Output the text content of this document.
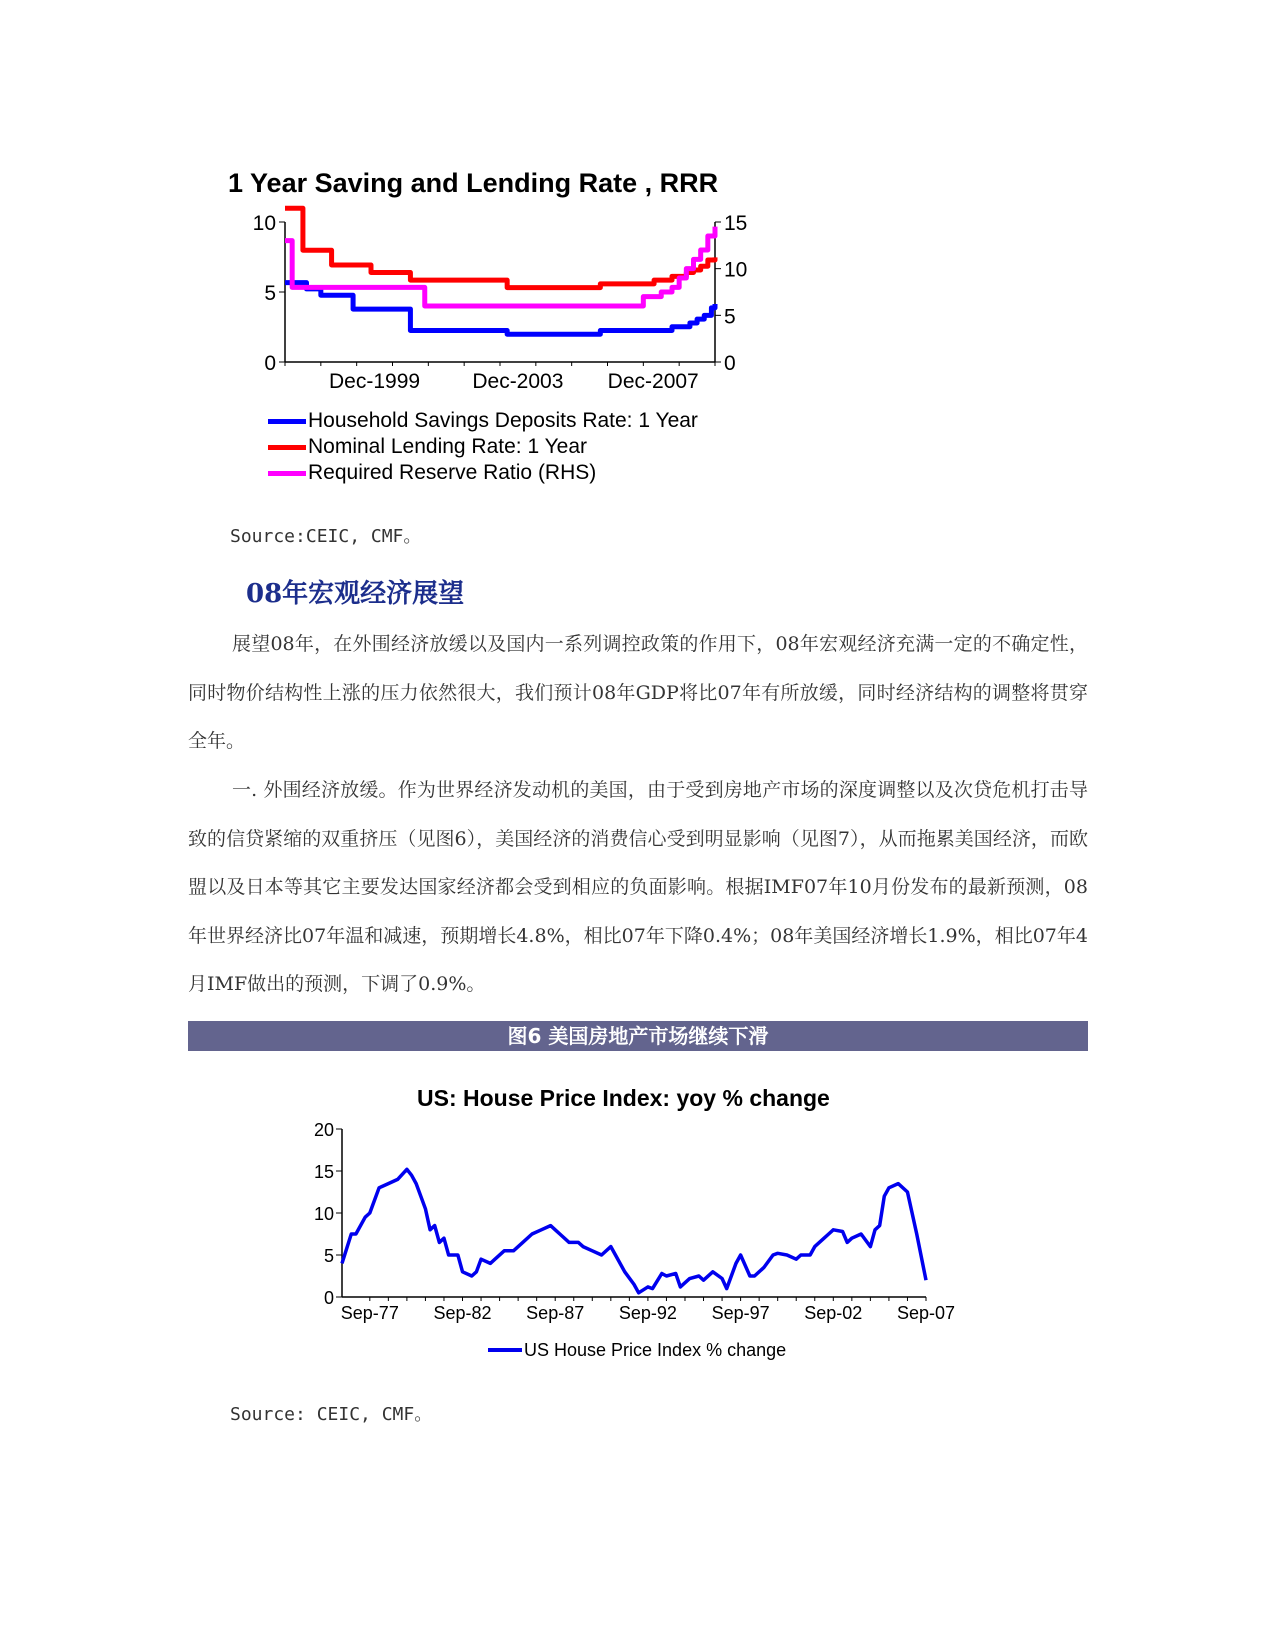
1 Year Saving and Lending Rate , RRR
0
5
10
0
5
10
15
Dec-1999 Dec-2003 Dec-2007
Household Savings Deposits Rate: 1 Year
Nominal Lending Rate: 1 Year
Required Reserve Ratio (RHS)
Source:CEIC, CMF。
08年宏观经济展望

展望08年，在外围经济放缓以及国内一系列调控政策的作用下，08年宏观经济充满一定的不确定性，同时物价结构性上涨的压力依然很大，我们预计08年GDP将比07年有所放缓，同时经济结构的调整将贯穿全年。

一. 外围经济放缓。作为世界经济发动机的美国，由于受到房地产市场的深度调整以及次贷危机打击导致的信贷紧缩的双重挤压（见图6），美国经济的消费信心受到明显影响（见图7），从而拖累美国经济，而欧盟以及日本等其它主要发达国家经济都会受到相应的负面影响。根据IMF07年10月份发布的最新预测，08年世界经济比07年温和减速，预期增长4.8%，相比07年下降0.4%；08年美国经济增长1.9%，相比07年4月IMF做出的预测，下调了0.9%。

图6 美国房地产市场继续下滑
US: House Price Index: yoy % change
0
5
10
15
20
Sep-77 Sep-82 Sep-87 Sep-92 Sep-97 Sep-02 Sep-07
US House Price Index % change
Source: CEIC, CMF。
